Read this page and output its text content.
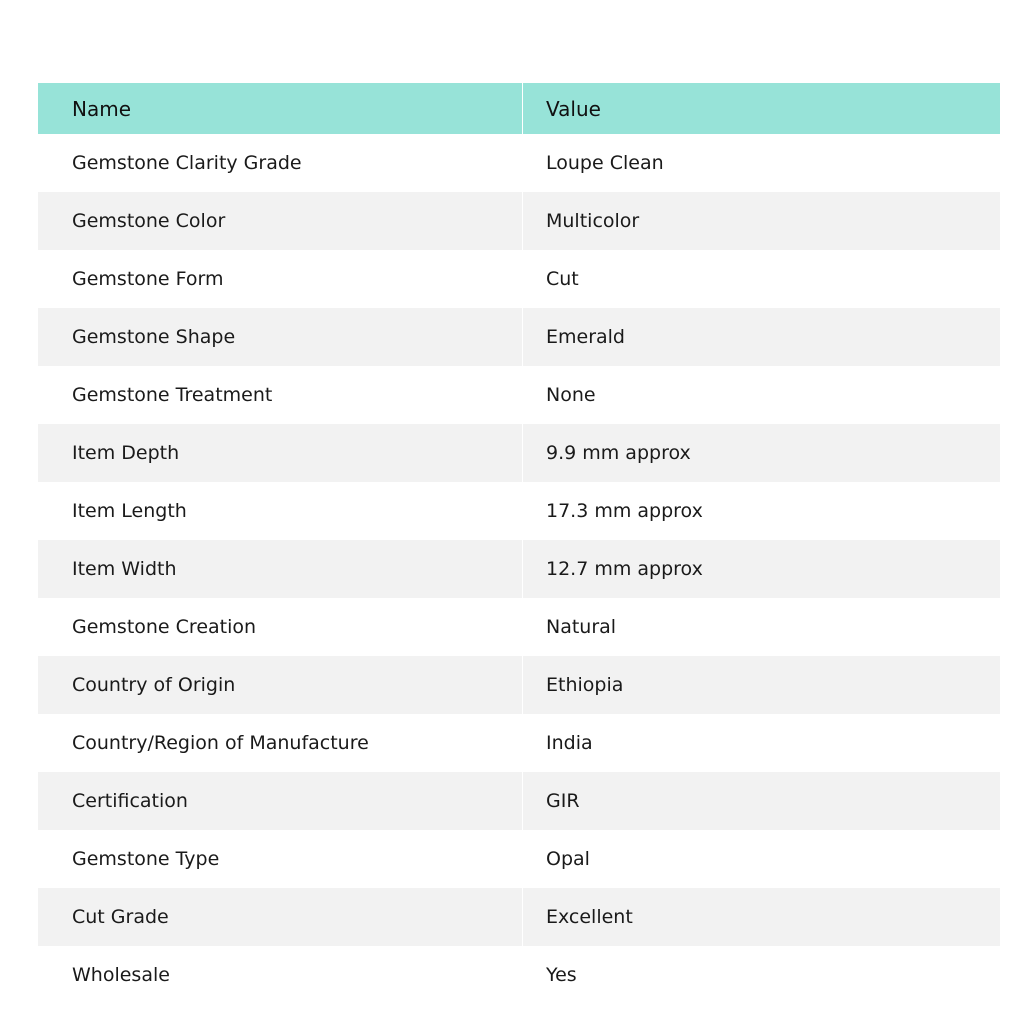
Name	Value
Gemstone Clarity Grade	Loupe Clean
Gemstone Color	Multicolor
Gemstone Form	Cut
Gemstone Shape	Emerald
Gemstone Treatment	None
Item Depth	9.9 mm approx
Item Length	17.3 mm approx
Item Width	12.7 mm approx
Gemstone Creation	Natural
Country of Origin	Ethiopia
Country/Region of Manufacture	India
Certification	GIR
Gemstone Type	Opal
Cut Grade	Excellent
Wholesale	Yes
